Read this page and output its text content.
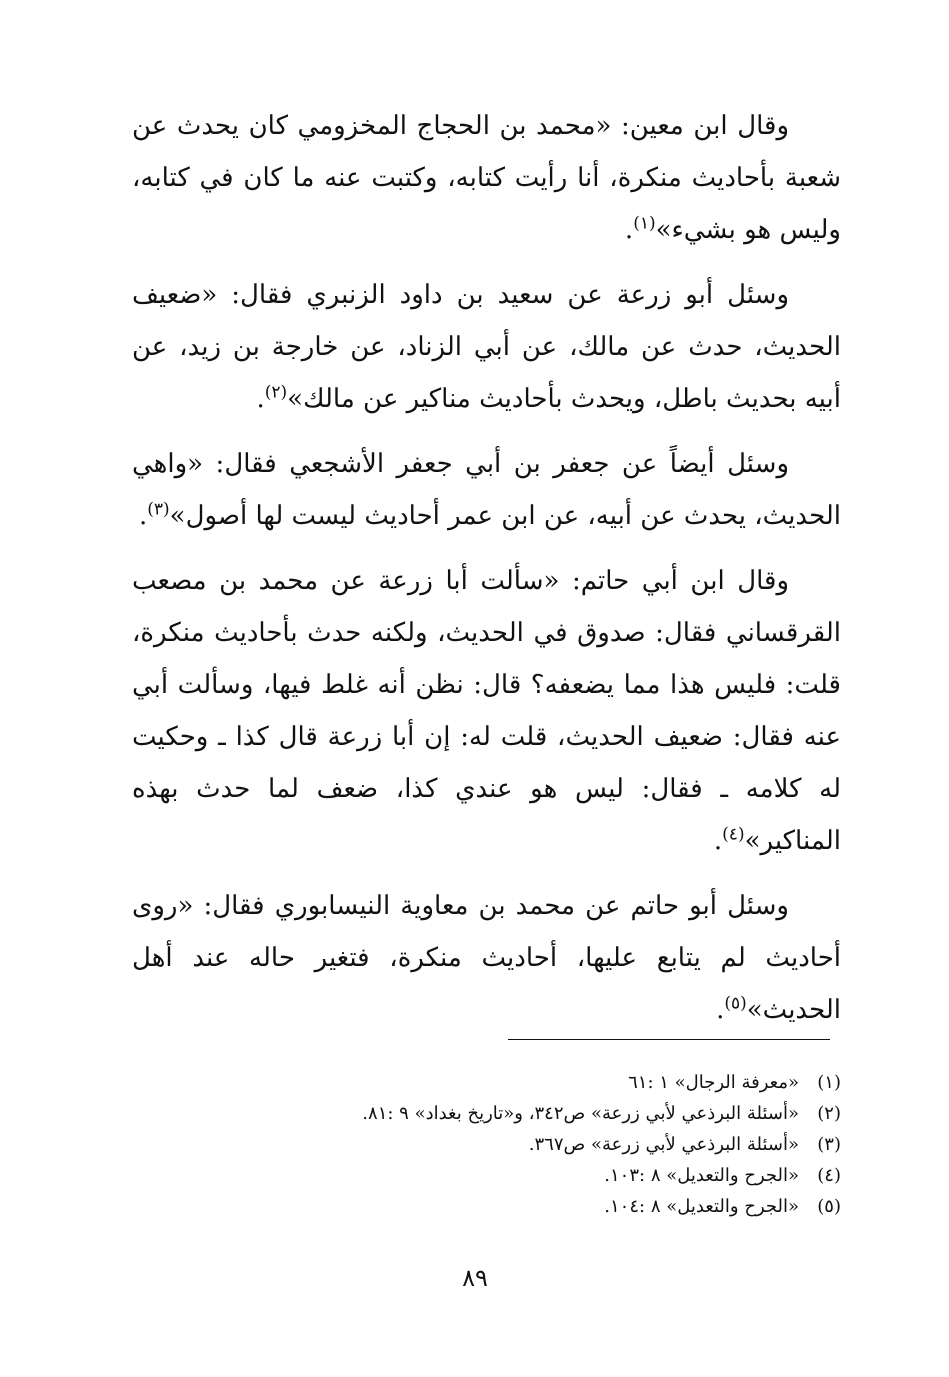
وقال ابن معين: «محمد بن الحجاج المخزومي كان يحدث عن شعبة بأحاديث منكرة، أنا رأيت كتابه، وكتبت عنه ما كان في كتابه، وليس هو بشيء»$^{(١)}$.

وسئل أبو زرعة عن سعيد بن داود الزنبري فقال: «ضعيف الحديث، حدث عن مالك، عن أبي الزناد، عن خارجة بن زيد، عن أبيه بحديث باطل، ويحدث بأحاديث مناكير عن مالك»$^{(٢)}$.

وسئل أيضاً عن جعفر بن أبي جعفر الأشجعي فقال: «واهي الحديث، يحدث عن أبيه، عن ابن عمر أحاديث ليست لها أصول»$^{(٣)}$.

وقال ابن أبي حاتم: «سألت أبا زرعة عن محمد بن مصعب القرقساني فقال: صدوق في الحديث، ولكنه حدث بأحاديث منكرة، قلت: فليس هذا مما يضعفه؟ قال: نظن أنه غلط فيها، وسألت أبي عنه فقال: ضعيف الحديث، قلت له: إن أبا زرعة قال كذا ـ وحكيت له كلامه ـ فقال: ليس هو عندي كذا، ضعف لما حدث بهذه المناكير»$^{(٤)}$.

وسئل أبو حاتم عن محمد بن معاوية النيسابوري فقال: «روى أحاديث لم يتابع عليها، أحاديث منكرة، فتغير حاله عند أهل الحديث»$^{(٥)}$.

(١)«معرفة الرجال» ١ :٦١
(٢)«أسئلة البرذعي لأبي زرعة» ص٣٤٢، و«تاريخ بغداد» ٩ :٨١.
(٣)«أسئلة البرذعي لأبي زرعة» ص٣٦٧.
(٤)«الجرح والتعديل» ٨ :١٠٣.
(٥)«الجرح والتعديل» ٨ :١٠٤.
٨٩
